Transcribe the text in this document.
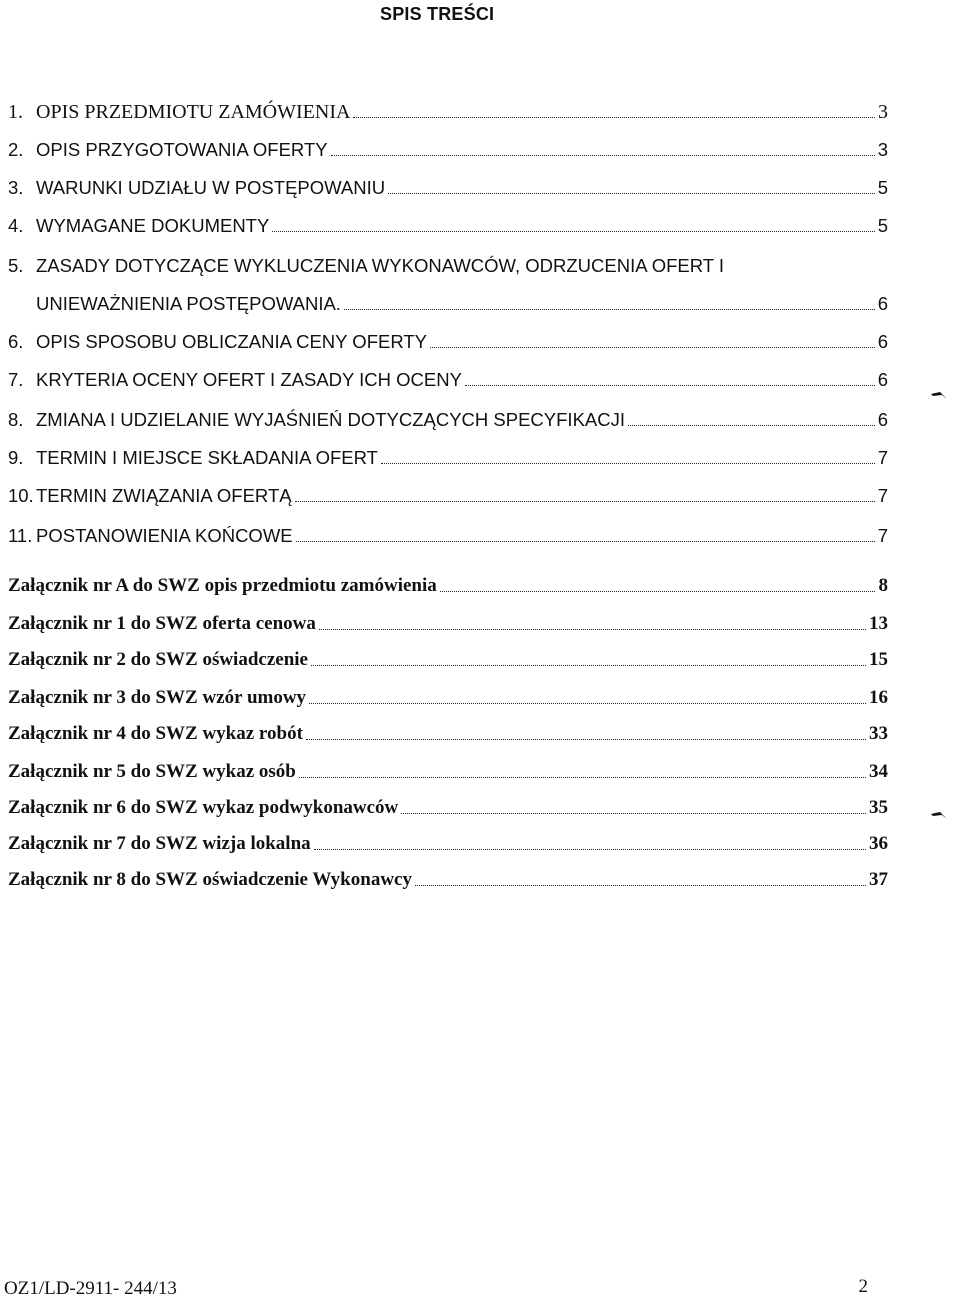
SPIS TREŚCI
1. OPIS PRZEDMIOTU ZAMÓWIENIA	3
2. OPIS PRZYGOTOWANIA OFERTY	3
3. WARUNKI UDZIAŁU W POSTĘPOWANIU	5
4. WYMAGANE DOKUMENTY	5
5. ZASADY DOTYCZĄCE WYKLUCZENIA WYKONAWCÓW, ODRZUCENIA OFERT I
UNIEWAŻNIENIA POSTĘPOWANIA.	6
6. OPIS SPOSOBU OBLICZANIA CENY OFERTY	6
7. KRYTERIA OCENY OFERT I ZASADY ICH OCENY	6
8. ZMIANA I UDZIELANIE WYJAŚNIEŃ DOTYCZĄCYCH SPECYFIKACJI	6
9. TERMIN I MIEJSCE SKŁADANIA OFERT	7
10. TERMIN ZWIĄZANIA OFERTĄ	7
11. POSTANOWIENIA KOŃCOWE	7
Załącznik nr A do SWZ opis przedmiotu zamówienia	8
Załącznik nr 1 do SWZ oferta cenowa	13
Załącznik nr 2 do SWZ oświadczenie	15
Załącznik nr 3 do SWZ wzór umowy	16
Załącznik nr 4 do SWZ wykaz robót	33
Załącznik nr 5 do SWZ wykaz osób	34
Załącznik nr 6 do SWZ wykaz podwykonawców	35
Załącznik nr 7 do SWZ wizja lokalna	36
Załącznik nr 8 do SWZ oświadczenie Wykonawcy	37
OZ1/LD-2911- 244/13	2
